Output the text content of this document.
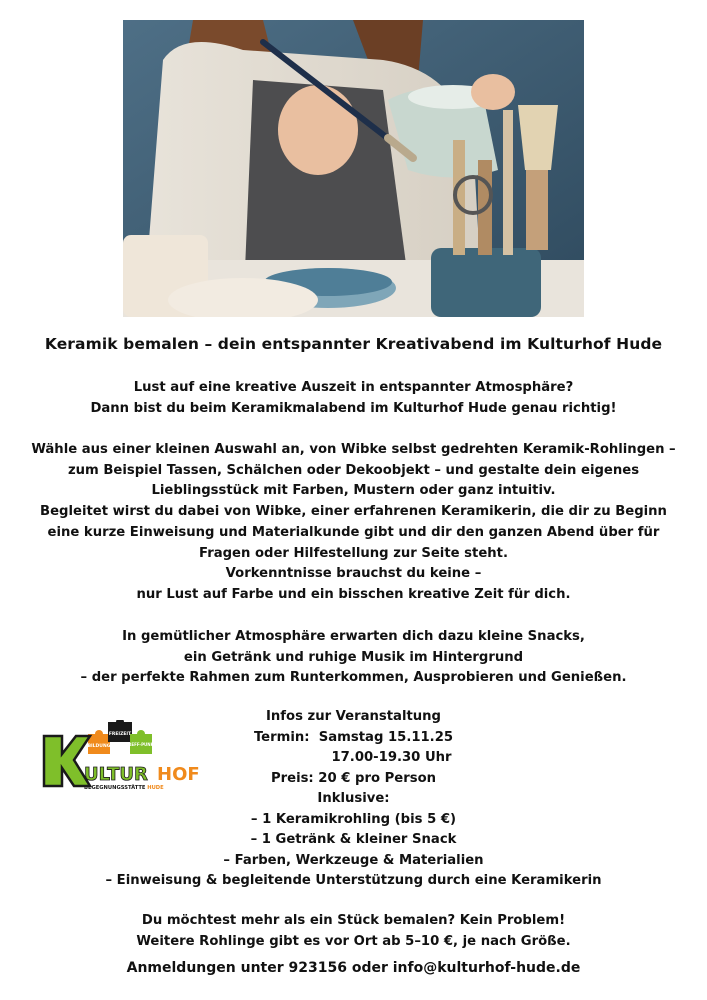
Keramik bemalen – dein entspannter Kreativabend im Kulturhof Hude
Lust auf eine kreative Auszeit in entspannter Atmosphäre?
Dann bist du beim Keramikmalabend im Kulturhof Hude genau richtig!
Wähle aus einer kleinen Auswahl an, von Wibke selbst gedrehten Keramik-Rohlingen –
zum Beispiel Tassen, Schälchen oder Dekoobjekt – und gestalte dein eigenes
Lieblingsstück mit Farben, Mustern oder ganz intuitiv.
Begleitet wirst du dabei von Wibke, einer erfahrenen Keramikerin, die dir zu Beginn
eine kurze Einweisung und Materialkunde gibt und dir den ganzen Abend über für
Fragen oder Hilfestellung zur Seite steht.
Vorkenntnisse brauchst du keine –
nur Lust auf Farbe und ein bisschen kreative Zeit für dich.
In gemütlicher Atmosphäre erwarten dich dazu kleine Snacks,
ein Getränk und ruhige Musik im Hintergrund
– der perfekte Rahmen zum Runterkommen, Ausprobieren und Genießen.
FREIZEIT
TREFF-PUNKT
BILDUNG
ULTUR HOF
BEGEGNUNGSSTÄTTE HUDE
Infos zur Veranstaltung
Termin: Samstag 15.11.25
17.00-19.30 Uhr
Preis: 20 € pro Person
Inklusive:
– 1 Keramikrohling (bis 5 €)
– 1 Getränk & kleiner Snack
– Farben, Werkzeuge & Materialien
– Einweisung & begleitende Unterstützung durch eine Keramikerin
Du möchtest mehr als ein Stück bemalen? Kein Problem!
Weitere Rohlinge gibt es vor Ort ab 5–10 €, je nach Größe.
Anmeldungen unter 923156 oder info@kulturhof-hude.de
